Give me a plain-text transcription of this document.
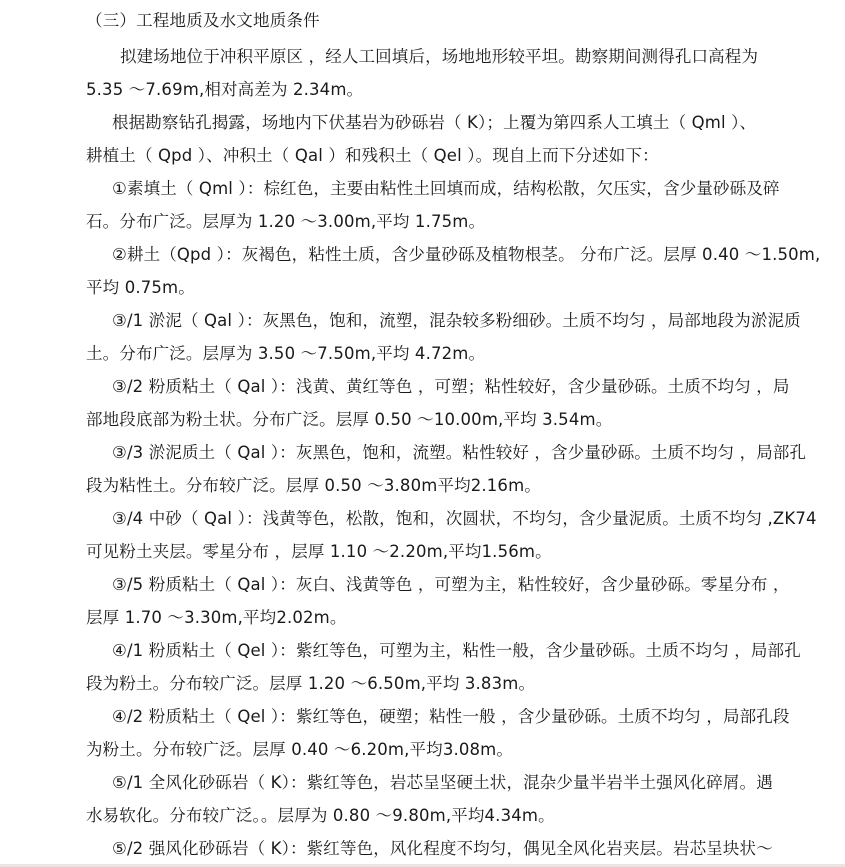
（三）工程地质及水文地质条件
拟建场地位于冲积平原区 ，经人工回填后，场地地形较平坦。勘察期间测得孔口高程为
5.35 ～7.69m,相对高差为 2.34m。
根据勘察钻孔揭露，场地内下伏基岩为砂砾岩（ K）；上覆为第四系人工填土（ Qml ）、
耕植土（ Qpd ）、冲积土（ Qal ）和残积土（ Qel ）。现自上而下分述如下：
①素填土（ Qml ）：棕红色，主要由粘性土回填而成，结构松散，欠压实，含少量砂砾及碎
石。分布广泛。层厚为 1.20 ～3.00m,平均 1.75m。
②耕土（Qpd ）：灰褐色，粘性土质，含少量砂砾及植物根茎。 分布广泛。层厚 0.40 ～1.50m,
平均 0.75m。
③/1 淤泥（ Qal ）：灰黑色，饱和，流塑，混杂较多粉细砂。土质不均匀 ，局部地段为淤泥质
土。分布广泛。层厚为 3.50 ～7.50m,平均 4.72m。
③/2 粉质粘土（ Qal ）：浅黄、黄红等色 ，可塑；粘性较好，含少量砂砾。土质不均匀 ，局
部地段底部为粉土状。分布广泛。层厚 0.50 ～10.00m,平均 3.54m。
③/3 淤泥质土（ Qal ）：灰黑色，饱和，流塑。粘性较好 ，含少量砂砾。土质不均匀 ，局部孔
段为粘性土。分布较广泛。层厚 0.50 ～3.80m平均2.16m。
③/4 中砂（ Qal ）：浅黄等色，松散，饱和，次圆状，不均匀，含少量泥质。土质不均匀 ,ZK74
可见粉土夹层。零星分布 ，层厚 1.10 ～2.20m,平均1.56m。
③/5 粉质粘土（ Qal ）：灰白、浅黄等色 ，可塑为主，粘性较好，含少量砂砾。零星分布 ，
层厚 1.70 ～3.30m,平均2.02m。
④/1 粉质粘土（ Qel ）：紫红等色，可塑为主，粘性一般，含少量砂砾。土质不均匀 ，局部孔
段为粉土。分布较广泛。层厚 1.20 ～6.50m,平均 3.83m。
④/2 粉质粘土（ Qel ）：紫红等色，硬塑；粘性一般 ，含少量砂砾。土质不均匀 ，局部孔段
为粉土。分布较广泛。层厚 0.40 ～6.20m,平均3.08m。
⑤/1 全风化砂砾岩（ K）：紫红等色，岩芯呈坚硬土状，混杂少量半岩半土强风化碎屑。遇
水易软化。分布较广泛。。层厚为 0.80 ～9.80m,平均4.34m。
⑤/2 强风化砂砾岩（ K）：紫红等色，风化程度不均匀，偶见全风化岩夹层。岩芯呈块状～
